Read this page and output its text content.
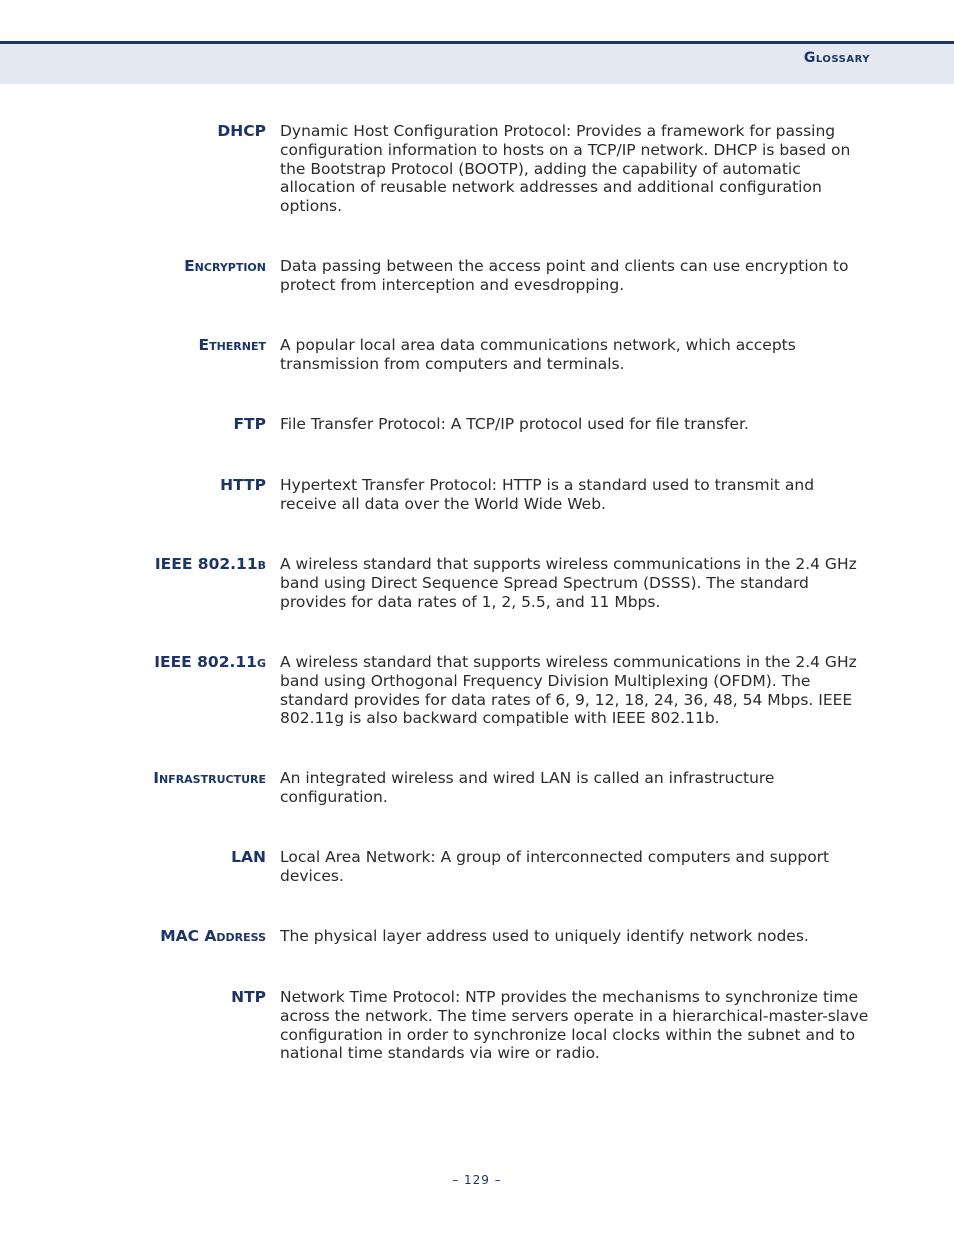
Glossary
DHCP Dynamic Host Configuration Protocol: Provides a framework for passing configuration information to hosts on a TCP/IP network. DHCP is based on the Bootstrap Protocol (BOOTP), adding the capability of automatic allocation of reusable network addresses and additional configuration options.
Encryption Data passing between the access point and clients can use encryption to protect from interception and evesdropping.
Ethernet A popular local area data communications network, which accepts transmission from computers and terminals.
FTP File Transfer Protocol: A TCP/IP protocol used for file transfer.
HTTP Hypertext Transfer Protocol: HTTP is a standard used to transmit and receive all data over the World Wide Web.
IEEE 802.11b A wireless standard that supports wireless communications in the 2.4 GHz band using Direct Sequence Spread Spectrum (DSSS). The standard provides for data rates of 1, 2, 5.5, and 11 Mbps.
IEEE 802.11g A wireless standard that supports wireless communications in the 2.4 GHz band using Orthogonal Frequency Division Multiplexing (OFDM). The standard provides for data rates of 6, 9, 12, 18, 24, 36, 48, 54 Mbps. IEEE 802.11g is also backward compatible with IEEE 802.11b.
Infrastructure An integrated wireless and wired LAN is called an infrastructure configuration.
LAN Local Area Network: A group of interconnected computers and support devices.
MAC Address The physical layer address used to uniquely identify network nodes.
NTP Network Time Protocol: NTP provides the mechanisms to synchronize time across the network. The time servers operate in a hierarchical-master-slave configuration in order to synchronize local clocks within the subnet and to national time standards via wire or radio.
– 129 –
